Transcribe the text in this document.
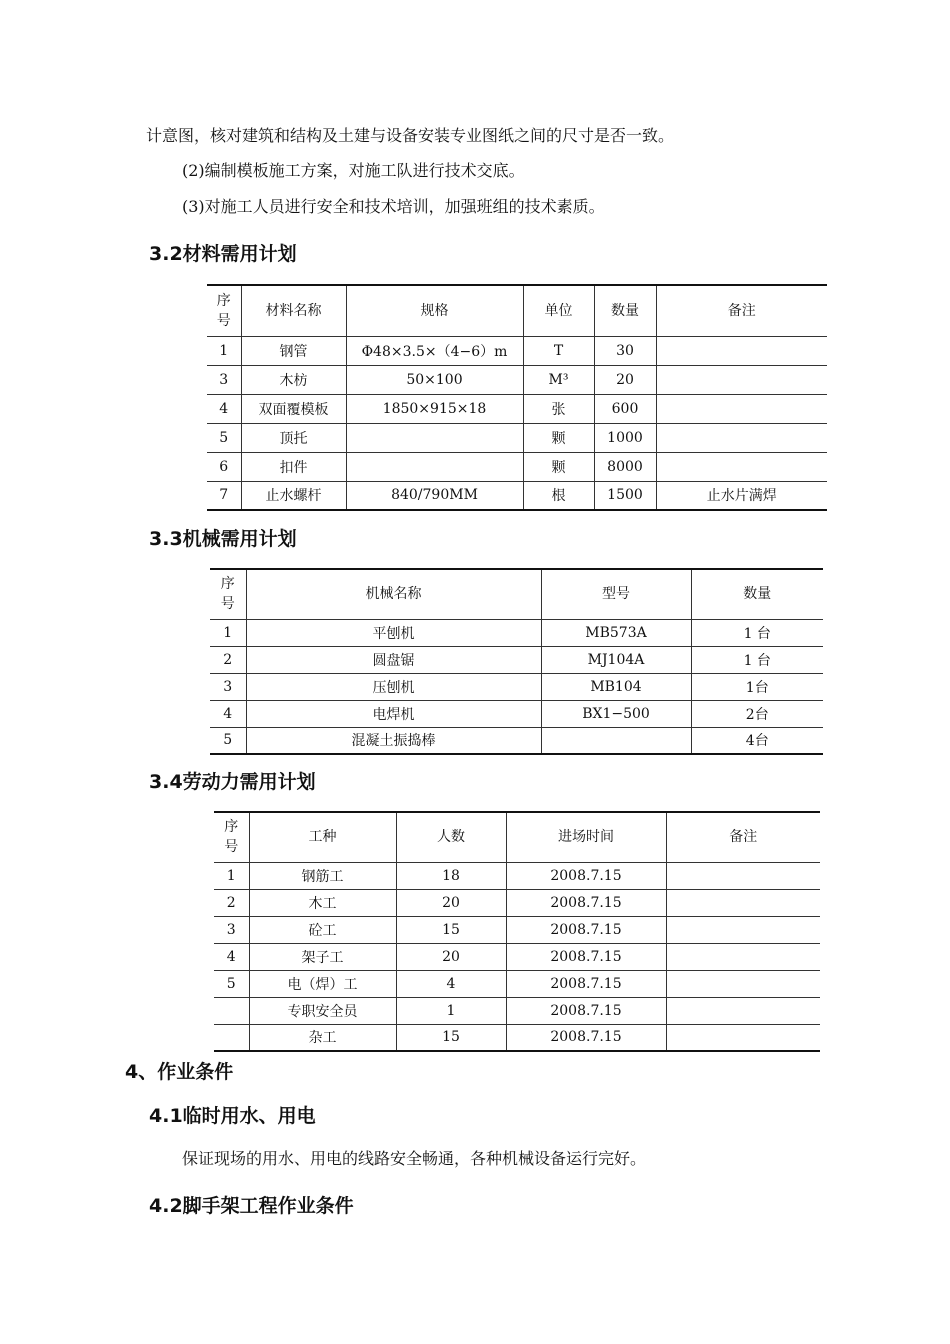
计意图，核对建筑和结构及土建与设备安装专业图纸之间的尺寸是否一致。
(2)编制模板施工方案，对施工队进行技术交底。
(3)对施工人员进行安全和技术培训，加强班组的技术素质。
3.2材料需用计划
序
号	材料名称	规格	单位	数量	备注
1	钢管	Φ48×3.5×（4−6）m	T	30	
3	木枋	50×100	M³	20	
4	双面覆模板	1850×915×18	张	600	
5	顶托		颗	1000	
6	扣件		颗	8000	
7	止水螺杆	840/790MM	根	1500	止水片满焊
3.3机械需用计划
序
号	机械名称	型号	数量
1	平刨机	MB573A	1 台
2	圆盘锯	MJ104A	1 台
3	压刨机	MB104	1台
4	电焊机	BX1−500	2台
5	混凝土振捣棒		4台
3.4劳动力需用计划
序
号	工种	人数	进场时间	备注
1	钢筋工	18	2008.7.15	
2	木工	20	2008.7.15	
3	砼工	15	2008.7.15	
4	架子工	20	2008.7.15	
5	电（焊）工	4	2008.7.15	
	专职安全员	1	2008.7.15	
	杂工	15	2008.7.15	
4、作业条件
4.1临时用水、用电
保证现场的用水、用电的线路安全畅通，各种机械设备运行完好。
4.2脚手架工程作业条件
